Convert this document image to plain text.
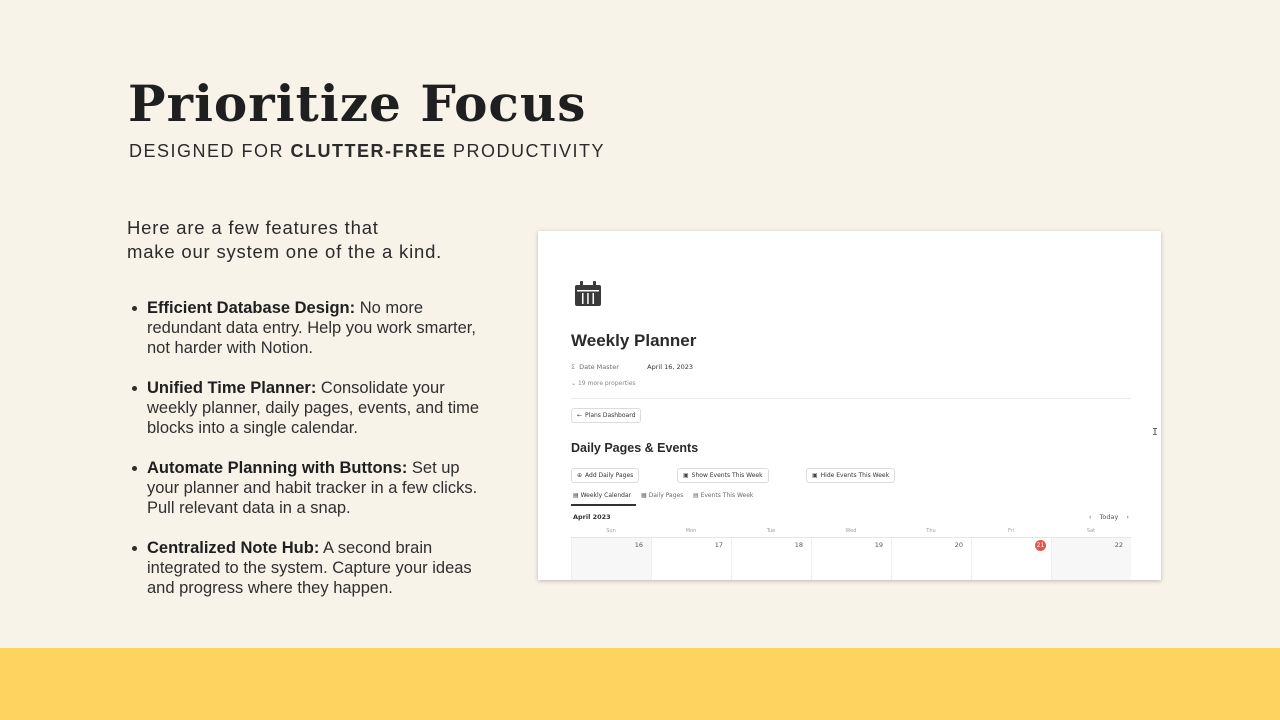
Prioritize Focus
DESIGNED FOR CLUTTER-FREE PRODUCTIVITY
Here are a few features that
make our system one of the a kind.
Efficient Database Design: No more redundant data entry. Help you work smarter, not harder with Notion.
Unified Time Planner: Consolidate your weekly planner, daily pages, events, and time blocks into a single calendar.
Automate Planning with Buttons: Set up your planner and habit tracker in a few clicks. Pull relevant data in a snap.
Centralized Note Hub: A second brain integrated to the system. Capture your ideas and progress where they happen.
Weekly Planner
Σ Date Master	April 16, 2023
⌄ 19 more properties
← Plans Dashboard
Daily Pages & Events
⊕ Add Daily Pages	▣ Show Events This Week	▣ Hide Events This Week
▤ Weekly Calendar ▦ Daily Pages ▤ Events This Week
April 2023	‹ Today ›
Sun	Mon	Tue	Wed	Thu	Fri	Sat
16	17	18	19	20	21	22
I
